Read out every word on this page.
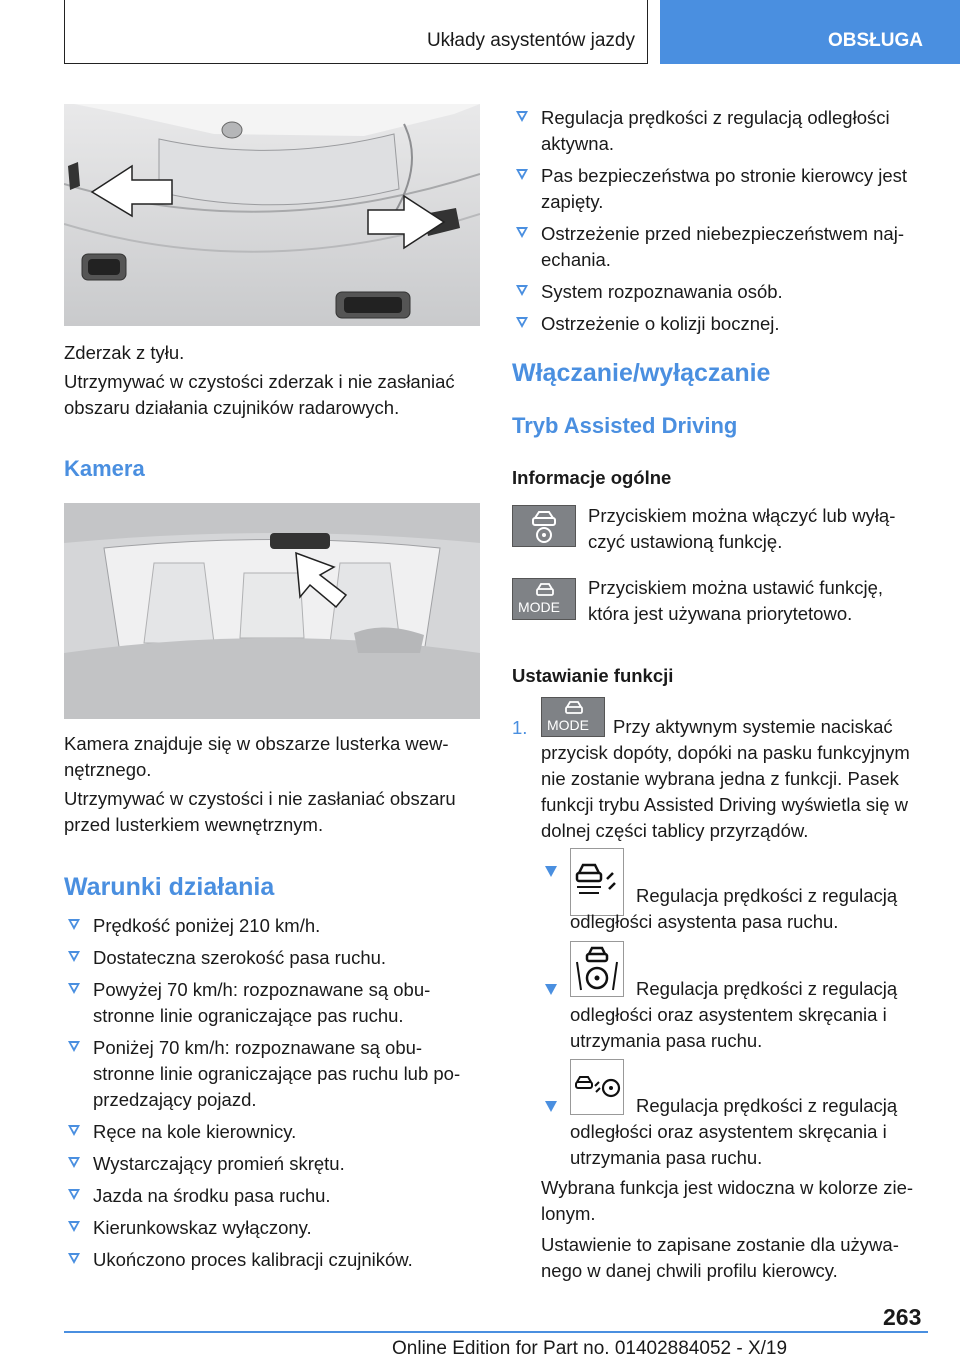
Układy asystentów jazdy	OBSŁUGA

Zderzak z tyłu.

Utrzymywać w czystości zderzak i nie zasłaniać obszaru działania czujników radarowych.

Kamera

Kamera znajduje się w obszarze lusterka wew‐nętrznego.

Utrzymywać w czystości i nie zasłaniać obszaru przed lusterkiem wewnętrznym.

Warunki działania

Prędkość poniżej 210 km/h.

Dostateczna szerokość pasa ruchu.

Powyżej 70 km/h: rozpoznawane są obu‐stronne linie ograniczające pas ruchu.

Poniżej 70 km/h: rozpoznawane są obu‐stronne linie ograniczające pas ruchu lub po‐przedzający pojazd.

Ręce na kole kierownicy.

Wystarczający promień skrętu.

Jazda na środku pasa ruchu.

Kierunkowskaz wyłączony.

Ukończono proces kalibracji czujników.

Regulacja prędkości z regulacją odległości aktywna.

Pas bezpieczeństwa po stronie kierowcy jest zapięty.

Ostrzeżenie przed niebezpieczeństwem naj‐echania.

System rozpoznawania osób.

Ostrzeżenie o kolizji bocznej.

Włączanie/wyłączanie
Tryb Assisted Driving
Informacje ogólne

Przyciskiem można włączyć lub wyłą‐czyć ustawioną funkcję.

MODE

Przyciskiem można ustawić funkcję, która jest używana priorytetowo.

Ustawianie funkcji
1. MODE	Przy aktywnym systemie naciskać przycisk dopóty, dopóki na pasku funkcyjnym nie zostanie wybrana jedna z funkcji. Pasek funkcji trybu Assisted Driving wyświetla się w dolnej części tablicy przyrządów.

Regulacja prędkości z regulacją odległości asystenta pasa ruchu.

Regulacja prędkości z regulacją odległości oraz asystentem skręcania i utrzymania pasa ruchu.

Regulacja prędkości z regulacją odległości oraz asystentem skręcania i utrzymania pasa ruchu.

Wybrana funkcja jest widoczna w kolorze zie‐lonym.

Ustawienie to zapisane zostanie dla używa‐nego w danej chwili profilu kierowcy.

263
Online Edition for Part no. 01402884052 - X/19
